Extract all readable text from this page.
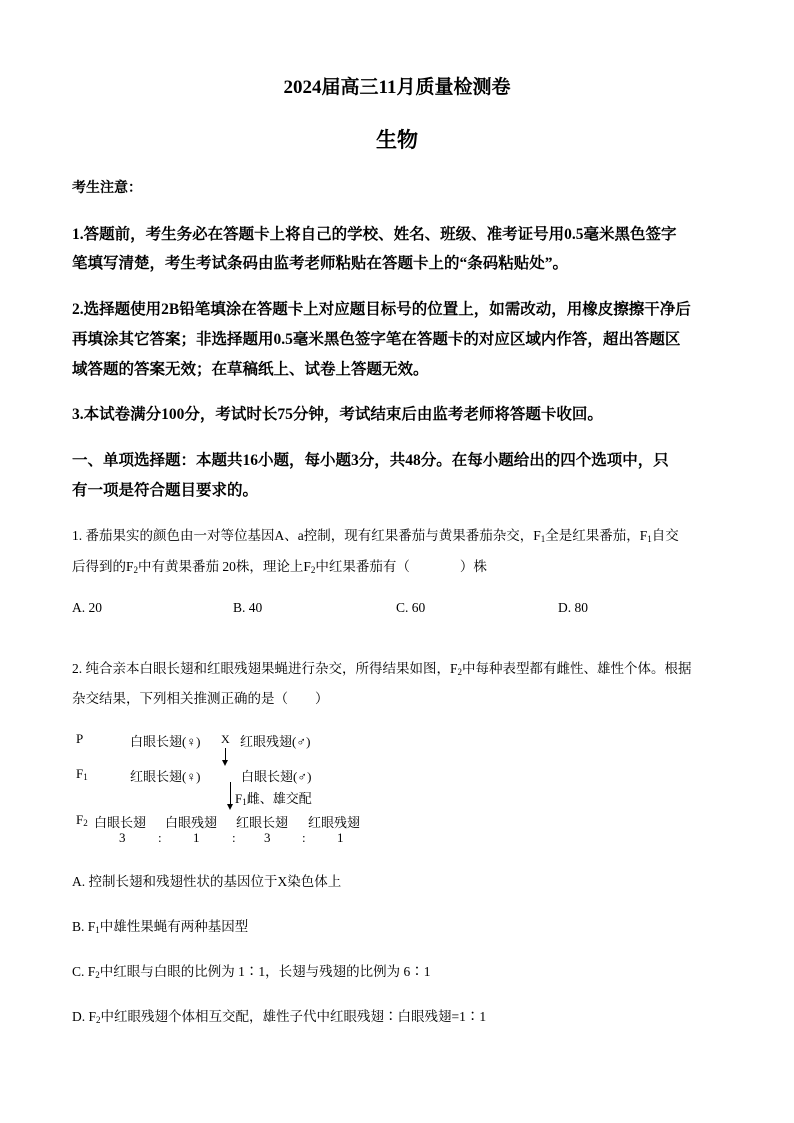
2024届高三11月质量检测卷
生物
考生注意：
1.答题前，考生务必在答题卡上将自己的学校、姓名、班级、准考证号用0.5毫米黑色签字
笔填写清楚，考生考试条码由监考老师粘贴在答题卡上的“条码粘贴处”。
2.选择题使用2B铅笔填涂在答题卡上对应题目标号的位置上，如需改动，用橡皮擦擦干净后
再填涂其它答案；非选择题用0.5毫米黑色签字笔在答题卡的对应区域内作答，超出答题区
域答题的答案无效；在草稿纸上、试卷上答题无效。
3.本试卷满分100分，考试时长75分钟，考试结束后由监考老师将答题卡收回。
一、单项选择题：本题共16小题，每小题3分，共48分。在每小题给出的四个选项中，只
有一项是符合题目要求的。
1. 番茄果实的颜色由一对等位基因A、a控制，现有红果番茄与黄果番茄杂交，$F_1$全是红果番茄，$F_1$自交
后得到的$F_2$中有黄果番茄 20株，理论上$F_2$中红果番茄有（	）株
A. 20	B. 40	C. 60	D. 80
2. 纯合亲本白眼长翅和红眼残翅果蝇进行杂交，所得结果如图，$F_2$中每种表型都有雌性、雄性个体。根据
杂交结果，下列相关推测正确的是（　　）
P	白眼长翅(♀) X 红眼残翅(♂)
$F_1$	红眼长翅(♀)	白眼长翅(♂)
$F_1$雌、雄交配
$F_2$ 白眼长翅 白眼残翅 红眼长翅 红眼残翅
3	: 1	: 3 : 1
A. 控制长翅和残翅性状的基因位于X染色体上
B. $F_1$中雄性果蝇有两种基因型
C. $F_2$中红眼与白眼的比例为 1∶1，长翅与残翅的比例为 6∶1
D. $F_2$中红眼残翅个体相互交配，雄性子代中红眼残翅∶白眼残翅=1∶1
